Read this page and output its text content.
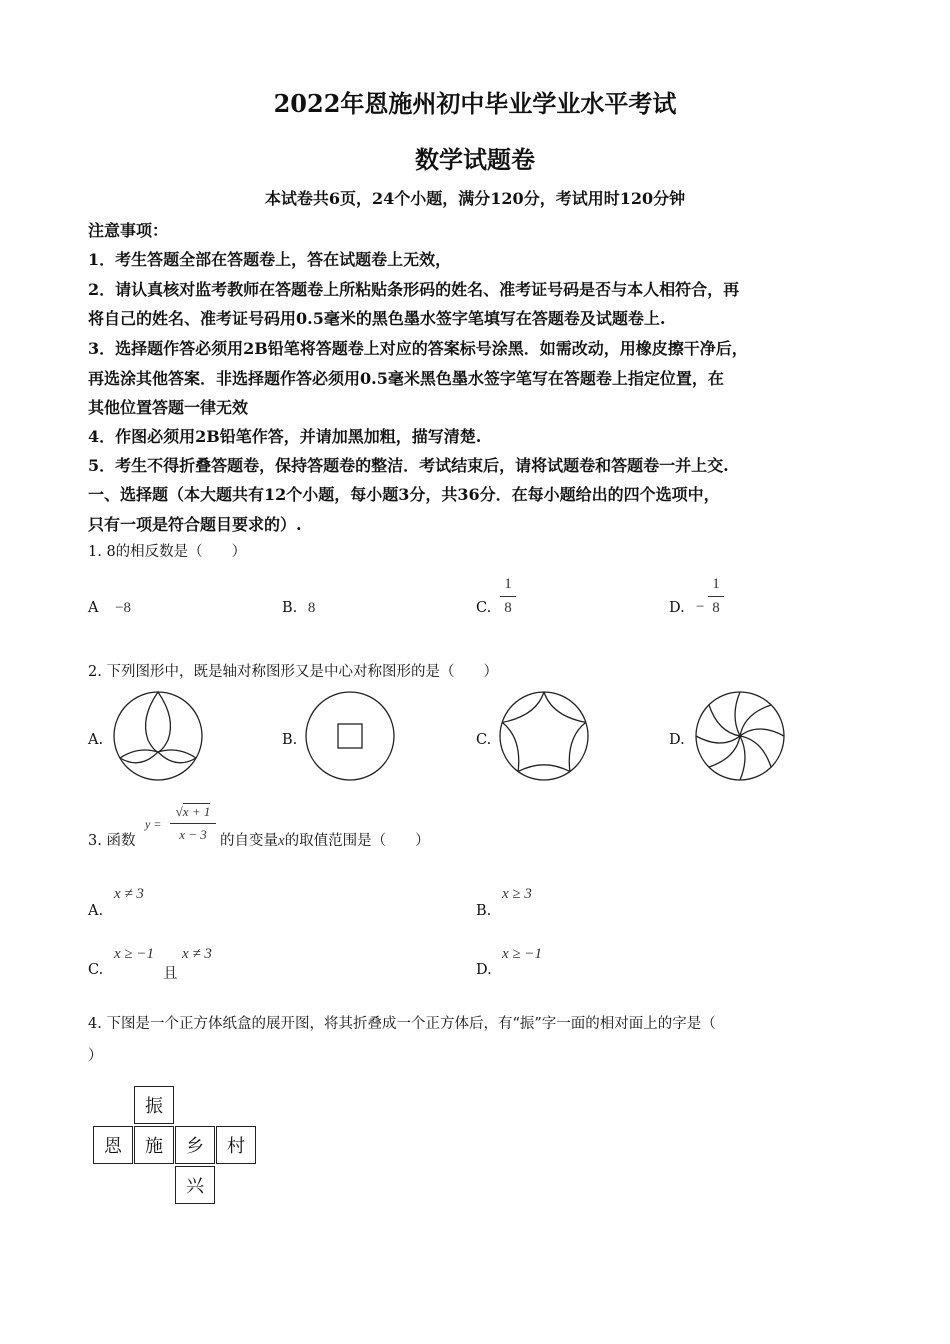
2022年恩施州初中毕业学业水平考试
数学试题卷
本试卷共6页，24个小题，满分120分，考试用时120分钟
注意事项：
1．考生答题全部在答题卷上，答在试题卷上无效，
2．请认真核对监考教师在答题卷上所粘贴条形码的姓名、准考证号码是否与本人相符合，再
将自己的姓名、准考证号码用0.5毫米的黑色墨水签字笔填写在答题卷及试题卷上.
3．选择题作答必须用2B铅笔将答题卷上对应的答案标号涂黑．如需改动，用橡皮擦干净后，
再选涂其他答案．非选择题作答必须用0.5毫米黑色墨水签字笔写在答题卷上指定位置，在
其他位置答题一律无效
4．作图必须用2B铅笔作答，并请加黑加粗，描写清楚.
5．考生不得折叠答题卷，保持答题卷的整洁．考试结束后，请将试题卷和答题卷一并上交.
一、选择题（本大题共有12个小题，每小题3分，共36分．在每小题给出的四个选项中，
只有一项是符合题目要求的）.
1. 8的相反数是（　　）
A −8	B. 8	C.
1
8	D. −
1
8
2. 下列图形中，既是轴对称图形又是中心对称图形的是（　　）
A.	B.	C.	D.
3. 函数
y =
√x + 1
x − 3 的自变量x的取值范围是（　　）
A.
x ≠ 3
B.
x ≥ 3
C.
x ≥ −1
且
x ≠ 3
D.
x ≥ −1
4. 下图是一个正方体纸盒的展开图，将其折叠成一个正方体后，有“振”字一面的相对面上的字是（
）
振
恩	施	乡	村
兴
